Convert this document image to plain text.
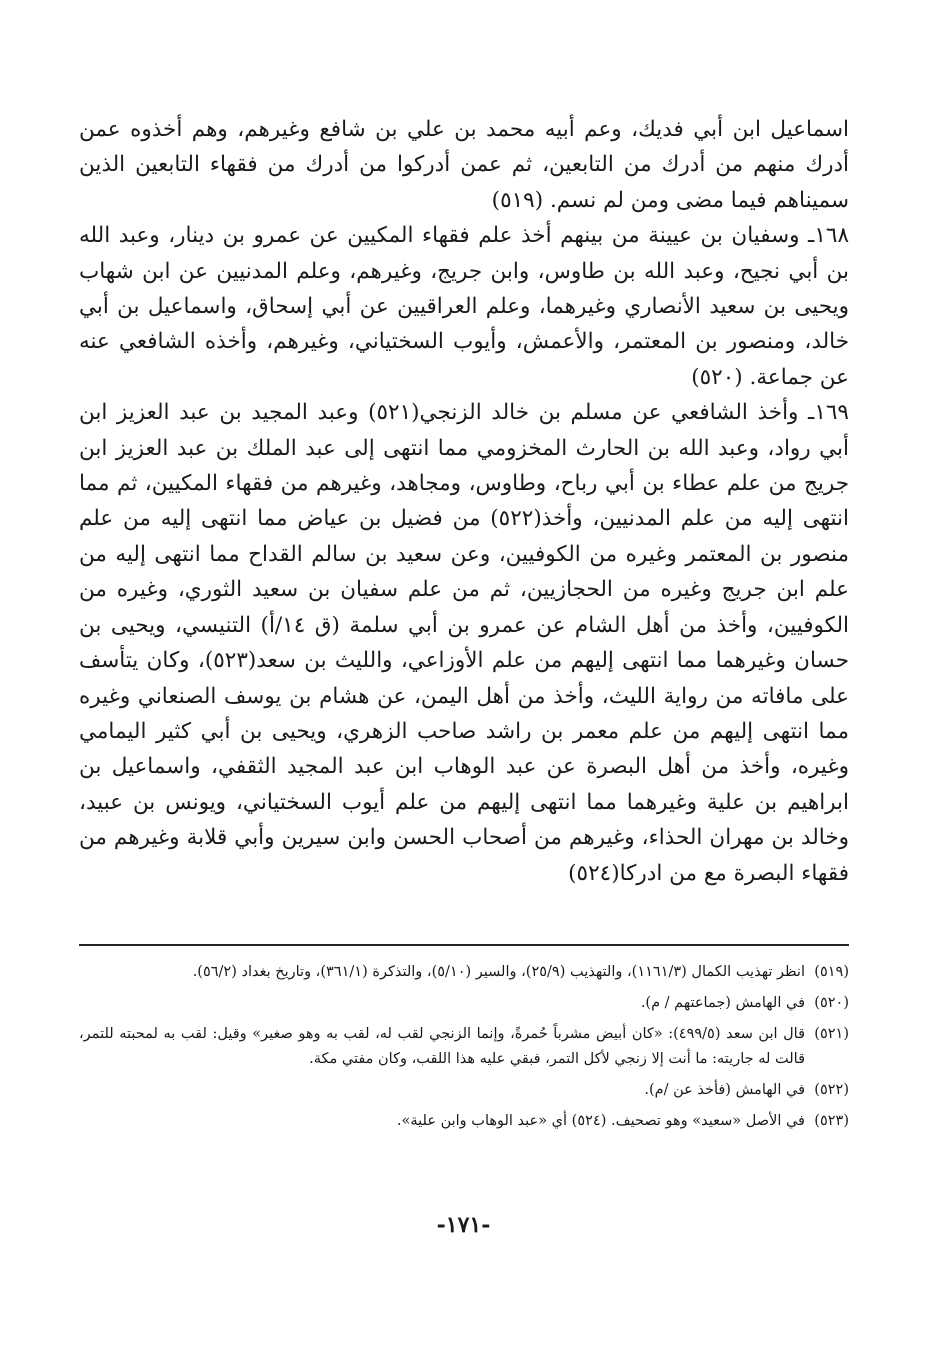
اسماعيل ابن أبي فديك، وعم أبيه محمد بن علي بن شافع وغيرهم، وهم أخذوه عمن أدرك منهم من أدرك من التابعين، ثم عمن أدركوا من أدرك من فقهاء التابعين الذين سميناهم فيما مضى ومن لم نسم. (٥١٩)

١٦٨ـ وسفيان بن عيينة من بينهم أخذ علم فقهاء المكيين عن عمرو بن دينار، وعبد الله بن أبي نجيح، وعبد الله بن طاوس، وابن جريج، وغيرهم، وعلم المدنيين عن ابن شهاب ويحيى بن سعيد الأنصاري وغيرهما، وعلم العراقيين عن أبي إسحاق، واسماعيل بن أبي خالد، ومنصور بن المعتمر، والأعمش، وأيوب السختياني، وغيرهم، وأخذه الشافعي عنه عن جماعة. (٥٢٠)

١٦٩ـ وأخذ الشافعي عن مسلم بن خالد الزنجي(٥٢١) وعبد المجيد بن عبد العزيز ابن أبي رواد، وعبد الله بن الحارث المخزومي مما انتهى إلى عبد الملك بن عبد العزيز ابن جريج من علم عطاء بن أبي رباح، وطاوس، ومجاهد، وغيرهم من فقهاء المكيين، ثم مما انتهى إليه من علم المدنيين، وأخذ(٥٢٢) من فضيل بن عياض مما انتهى إليه من علم منصور بن المعتمر وغيره من الكوفيين، وعن سعيد بن سالم القداح مما انتهى إليه من علم ابن جريج وغيره من الحجازيين، ثم من علم سفيان بن سعيد الثوري، وغيره من الكوفيين، وأخذ من أهل الشام عن عمرو بن أبي سلمة (ق ١٤/أ) التنيسي، ويحيى بن حسان وغيرهما مما انتهى إليهم من علم الأوزاعي، والليث بن سعد(٥٢٣)، وكان يتأسف على مافاته من رواية الليث، وأخذ من أهل اليمن، عن هشام بن يوسف الصنعاني وغيره مما انتهى إليهم من علم معمر بن راشد صاحب الزهري، ويحيى بن أبي كثير اليمامي وغيره، وأخذ من أهل البصرة عن عبد الوهاب ابن عبد المجيد الثقفي، واسماعيل بن ابراهيم بن علية وغيرهما مما انتهى إليهم من علم أيوب السختياني، ويونس بن عبيد، وخالد بن مهران الحذاء، وغيرهم من أصحاب الحسن وابن سيرين وأبي قلابة وغيرهم من فقهاء البصرة مع من ادركا(٥٢٤)

(٥١٩)
انظر تهذيب الكمال (١١٦١/٣)، والتهذيب (٢٥/٩)، والسير (٥/١٠)، والتذكرة (٣٦١/١)، وتاريخ بغداد (٥٦/٢).
(٥٢٠)
في الهامش (جماعتهم / م).
(٥٢١)
قال ابن سعد (٤٩٩/٥): «كان أبيض مشرباً حُمرةً، وإنما الزنجي لقب له، لقب به وهو صغير» وقيل: لقب به لمحبته للتمر، قالت له جاريته: ما أنت إلا زنجي لأكل التمر، فبقي عليه هذا اللقب، وكان مفتي مكة.
(٥٢٢)
في الهامش (فأخذ عن /م).
(٥٢٣)
في الأصل «سعيد» وهو تصحيف. (٥٢٤) أي «عبد الوهاب وابن علية».
-١٧١-
